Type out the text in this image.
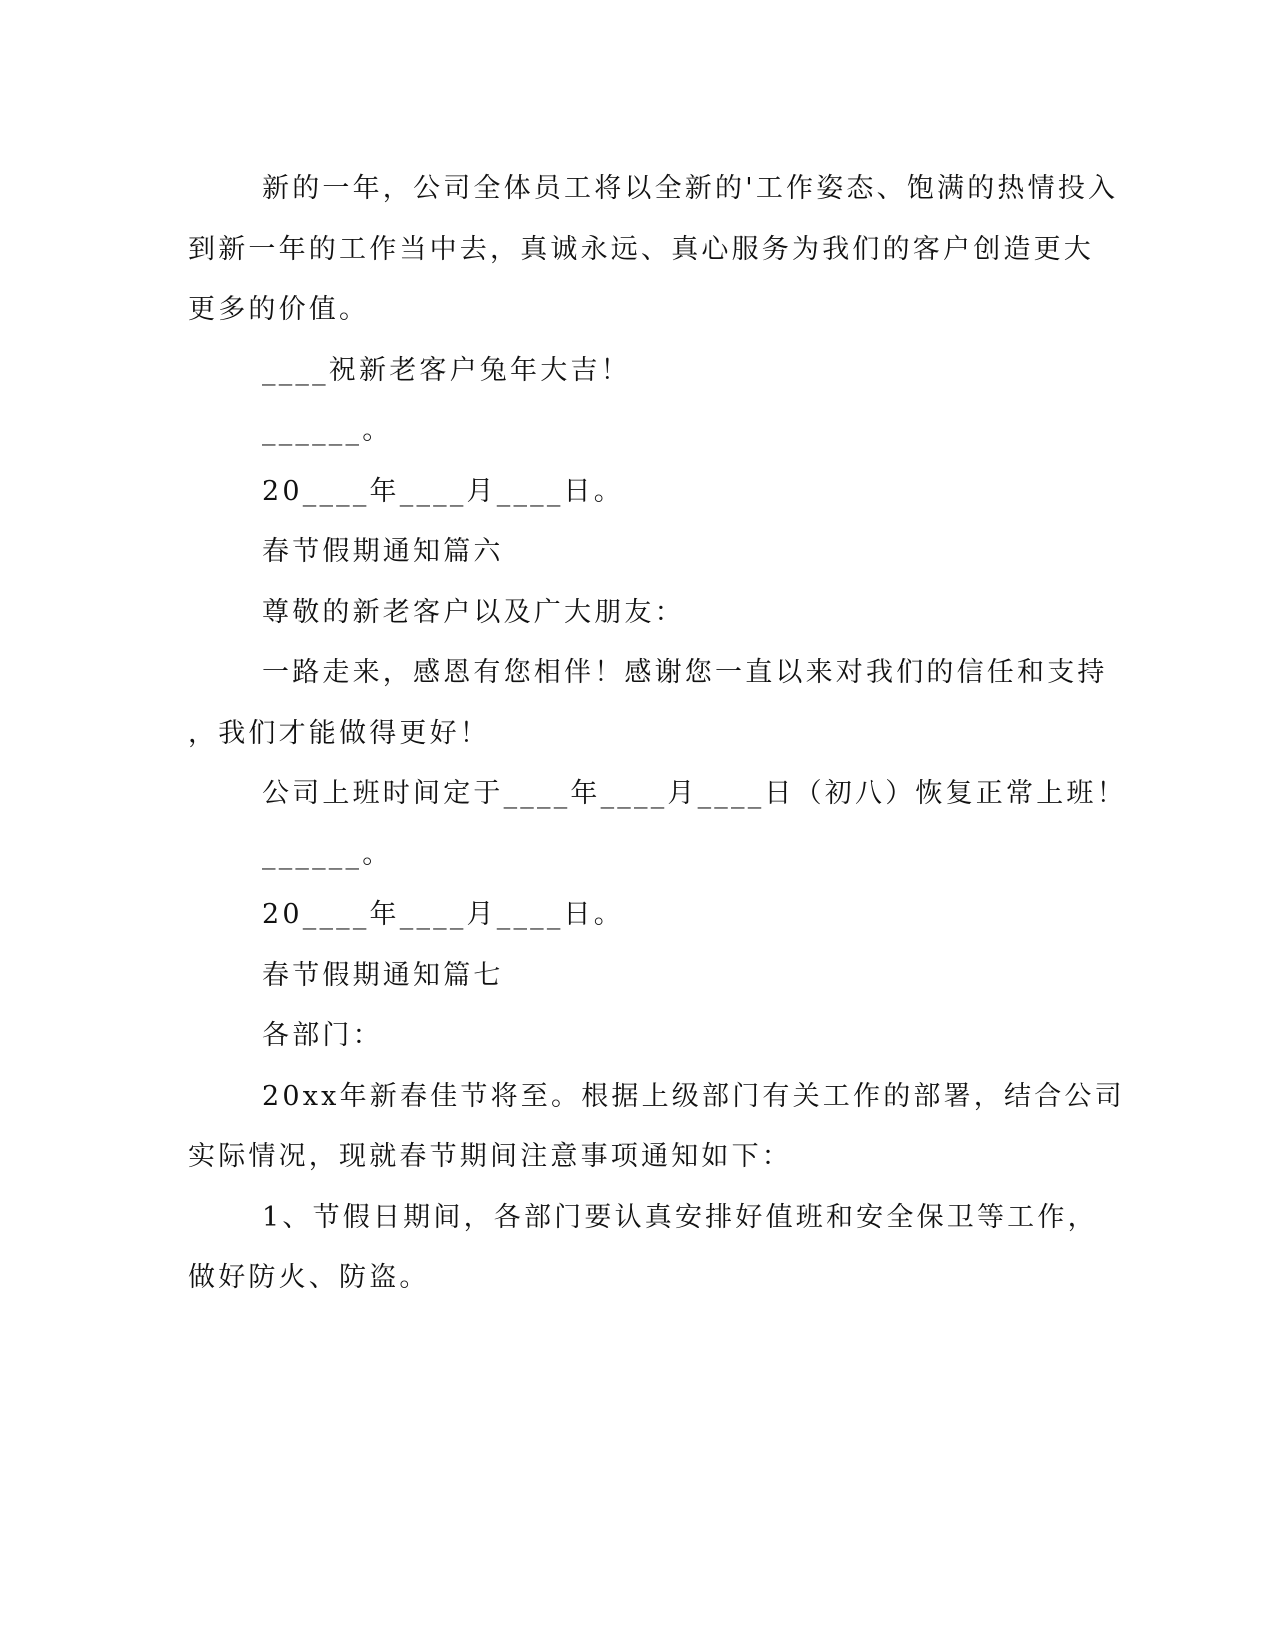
新的一年，公司全体员工将以全新的'工作姿态、饱满的热情投入
到新一年的工作当中去，真诚永远、真心服务为我们的客户创造更大
更多的价值。
____祝新老客户兔年大吉！
______。
20____年____月____日。
春节假期通知篇六
尊敬的新老客户以及广大朋友：
一路走来，感恩有您相伴！感谢您一直以来对我们的信任和支持
，我们才能做得更好！
公司上班时间定于____年____月____日（初八）恢复正常上班！
______。
20____年____月____日。
春节假期通知篇七
各部门：
20xx年新春佳节将至。根据上级部门有关工作的部署，结合公司
实际情况，现就春节期间注意事项通知如下：
1、节假日期间，各部门要认真安排好值班和安全保卫等工作，
做好防火、防盗。
